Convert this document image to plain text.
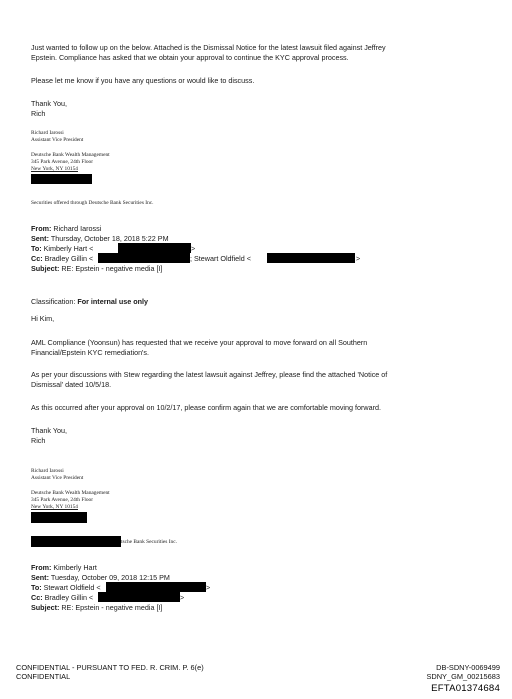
Just wanted to follow up on the below. Attached is the Dismissal Notice for the latest lawsuit filed against Jeffrey
Epstein. Compliance has asked that we obtain your approval to continue the KYC approval process.
Please let me know if you have any questions or would like to discuss.
Thank You,
Rich
Richard Iarossi
Assistant Vice President
Deutsche Bank Wealth Management
345 Park Avenue, 24th Floor
New York, NY 10154
Securities offered through Deutsche Bank Securities Inc.
From: Richard Iarossi
Sent: Thursday, October 18, 2018 5:22 PM
To: Kimberly Hart <	>
Cc: Bradley Gillin <	; Stewart Oldfield <	>
Subject: RE: Epstein - negative media [I]
Classification: For internal use only
Hi Kim,
AML Compliance (Yoonsun) has requested that we receive your approval to move forward on all Southern
Financial/Epstein KYC remediation's.
As per your discussions with Stew regarding the latest lawsuit against Jeffrey, please find the attached 'Notice of
Dismissal' dated 10/5/18.
As this occurred after your approval on 10/2/17, please confirm again that we are comfortable moving forward.
Thank You,
Rich
Richard Iarossi
Assistant Vice President
Deutsche Bank Wealth Management
345 Park Avenue, 24th Floor
New York, NY 10154
tsche Bank Securities Inc.
From: Kimberly Hart
Sent: Tuesday, October 09, 2018 12:15 PM
To: Stewart Oldfield <	>
Cc: Bradley Gillin <	>
Subject: RE: Epstein - negative media [I]
CONFIDENTIAL - PURSUANT TO FED. R. CRIM. P. 6(e)
CONFIDENTIAL
DB-SDNY-0069499
SDNY_GM_00215683
EFTA01374684
